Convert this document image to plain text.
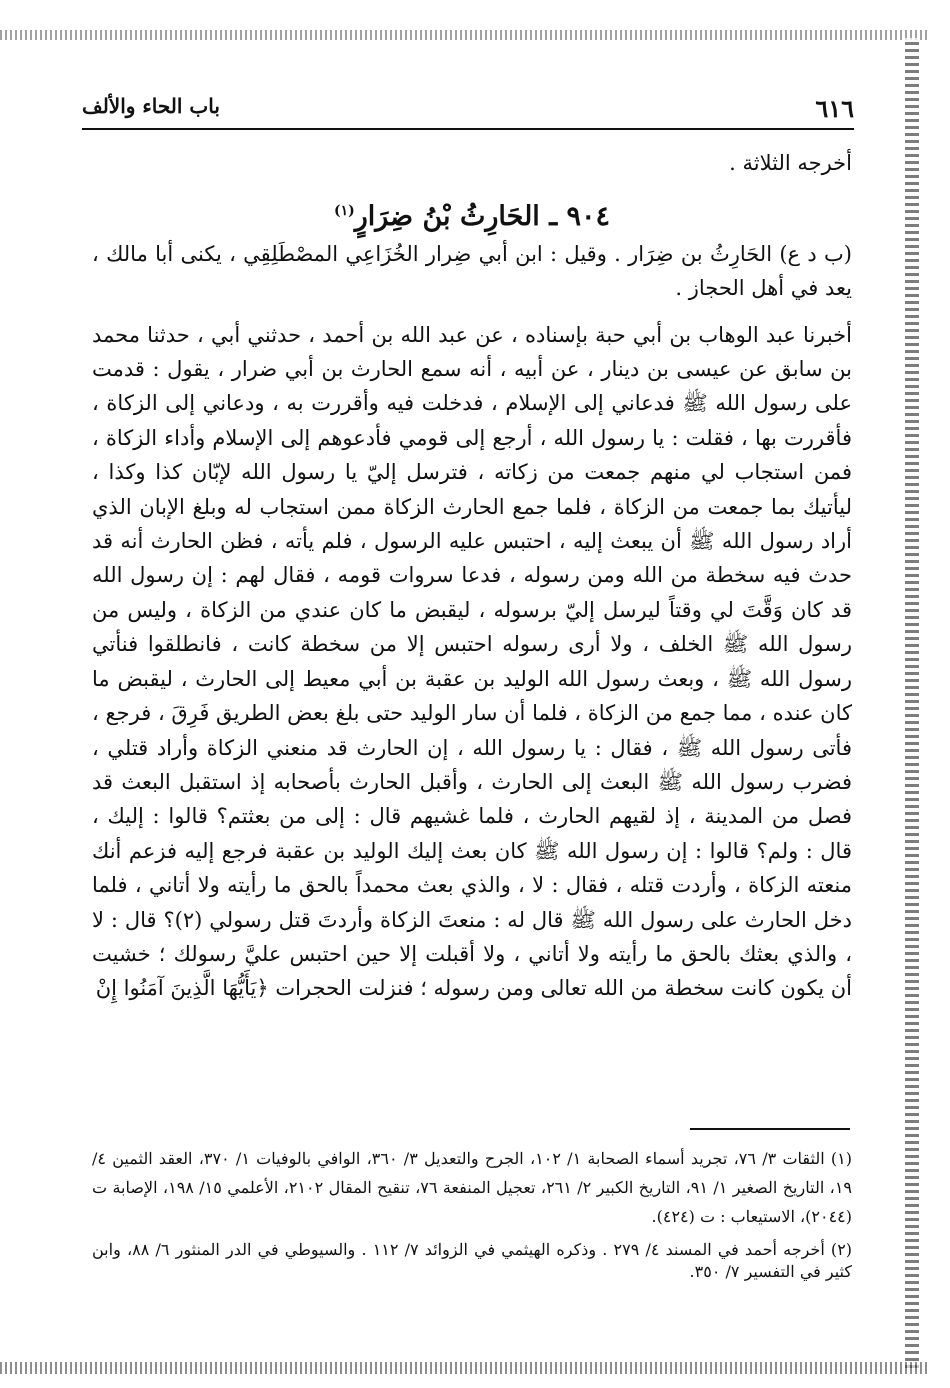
٦١٦
باب الحاء والألف

أخرجه الثلاثة .

٩٠٤ ـ الحَارِثُ بْنُ ضِرَارٍ$^{(١)}$

(ب د ع) الحَارِثُ بن ضِرَار . وقيل : ابن أبي ضِرار الخُزَاعِي المصْطَلِقِي ، يكنى أبا مالك ، يعد في أهل الحجاز .

أخبرنا عبد الوهاب بن أبي حبة بإسناده ، عن عبد الله بن أحمد ، حدثني أبي ، حدثنا محمد بن سابق عن عيسى بن دينار ، عن أبيه ، أنه سمع الحارث بن أبي ضرار ، يقول : قدمت على رسول الله ﷺ فدعاني إلى الإسلام ، فدخلت فيه وأقررت به ، ودعاني إلى الزكاة ، فأقررت بها ، فقلت : يا رسول الله ، أرجع إلى قومي فأدعوهم إلى الإسلام وأداء الزكاة ، فمن استجاب لي منهم جمعت من زكاته ، فترسل إليّ يا رسول الله لإبّان كذا وكذا ، ليأتيك بما جمعت من الزكاة ، فلما جمع الحارث الزكاة ممن استجاب له وبلغ الإبان الذي أراد رسول الله ﷺ أن يبعث إليه ، احتبس عليه الرسول ، فلم يأته ، فظن الحارث أنه قد حدث فيه سخطة من الله ومن رسوله ، فدعا سروات قومه ، فقال لهم : إن رسول الله قد كان وَقَّتَ لي وقتاً ليرسل إليّ برسوله ، ليقبض ما كان عندي من الزكاة ، وليس من رسول الله ﷺ الخلف ، ولا أرى رسوله احتبس إلا من سخطة كانت ، فانطلقوا فنأتي رسول الله ﷺ ، وبعث رسول الله الوليد بن عقبة بن أبي معيط إلى الحارث ، ليقبض ما كان عنده ، مما جمع من الزكاة ، فلما أن سار الوليد حتى بلغ بعض الطريق فَرِقَ ، فرجع ، فأتى رسول الله ﷺ ، فقال : يا رسول الله ، إن الحارث قد منعني الزكاة وأراد قتلي ، فضرب رسول الله ﷺ البعث إلى الحارث ، وأقبل الحارث بأصحابه إذ استقبل البعث قد فصل من المدينة ، إذ لقيهم الحارث ، فلما غشيهم قال : إلى من بعثتم؟ قالوا : إليك ، قال : ولم؟ قالوا : إن رسول الله ﷺ كان بعث إليك الوليد بن عقبة فرجع إليه فزعم أنك منعته الزكاة ، وأردت قتله ، فقال : لا ، والذي بعث محمداً بالحق ما رأيته ولا أتاني ، فلما دخل الحارث على رسول الله ﷺ قال له : منعتَ الزكاة وأردتَ قتل رسولي (٢)؟ قال : لا ، والذي بعثك بالحق ما رأيته ولا أتاني ، ولا أقبلت إلا حين احتبس عليَّ رسولك ؛ خشيت أن يكون كانت سخطة من الله تعالى ومن رسوله ؛ فنزلت الحجرات ﴿يَأَيُّهَا الَّذِينَ آمَنُوا إِنْ

(١) الثقات ٣/ ٧٦، تجريد أسماء الصحابة ١/ ١٠٢، الجرح والتعديل ٣/ ٣٦٠، الوافي بالوفيات ١/ ٣٧٠، العقد الثمين ٤/ ١٩، التاريخ الصغير ١/ ٩١، التاريخ الكبير ٢/ ٢٦١، تعجيل المنفعة ٧٦، تنقيح المقال ٢١٠٢، الأعلمي ١٥/ ١٩٨، الإصابة ت (٢٠٤٤)، الاستيعاب : ت (٤٢٤).

(٢) أخرجه أحمد في المسند ٤/ ٢٧٩ . وذكره الهيثمي في الزوائد ٧/ ١١٢ . والسيوطي في الدر المنثور ٦/ ٨٨، وابن كثير في التفسير ٧/ ٣٥٠.
